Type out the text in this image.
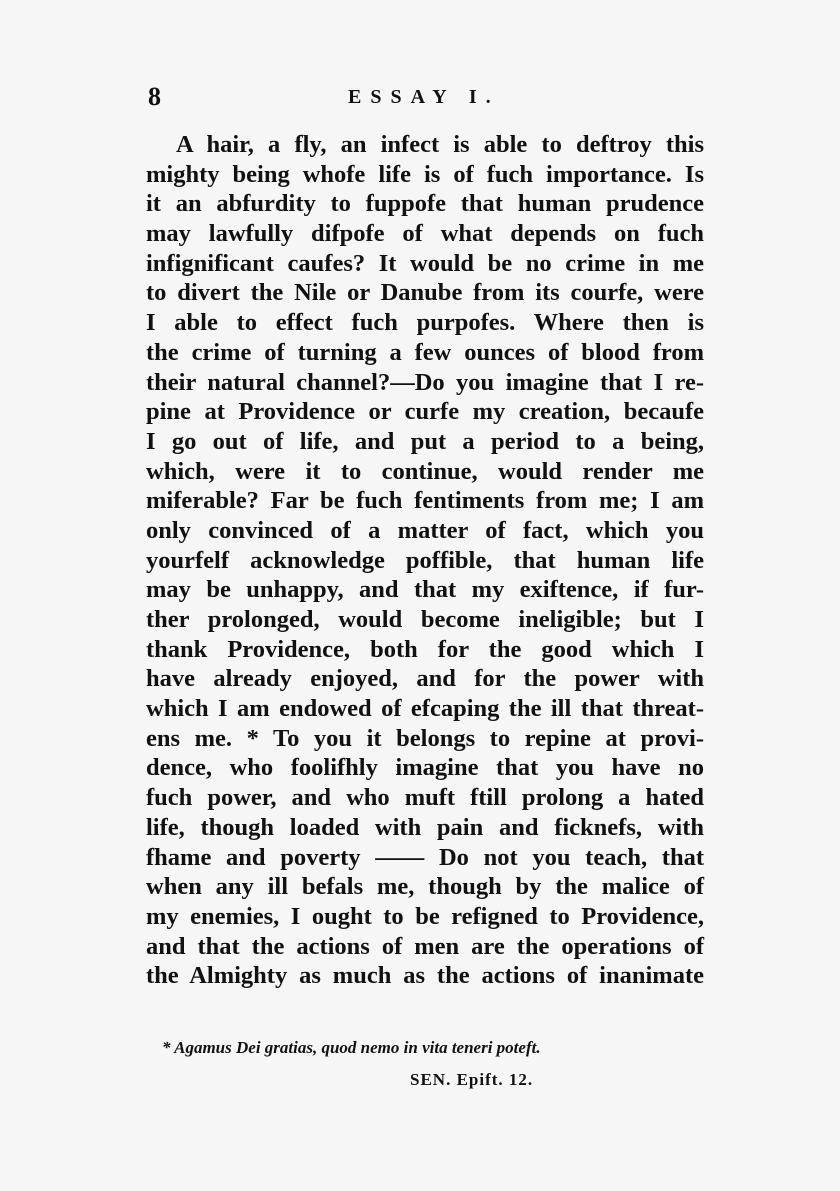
8	ESSAY I.
A hair, a fly, an infect is able to deftroy this
mighty being whofe life is of fuch importance. Is
it an abfurdity to fuppofe that human prudence
may lawfully difpofe of what depends on fuch
infignificant caufes? It would be no crime in me
to divert the Nile or Danube from its courfe, were
I able to effect fuch purpofes. Where then is
the crime of turning a few ounces of blood from
their natural channel?—Do you imagine that I re-
pine at Providence or curfe my creation, becaufe
I go out of life, and put a period to a being,
which, were it to continue, would render me
miferable? Far be fuch fentiments from me; I am
only convinced of a matter of fact, which you
yourfelf acknowledge poffible, that human life
may be unhappy, and that my exiftence, if fur-
ther prolonged, would become ineligible; but I
thank Providence, both for the good which I
have already enjoyed, and for the power with
which I am endowed of efcaping the ill that threat-
ens me. * To you it belongs to repine at provi-
dence, who foolifhly imagine that you have no
fuch power, and who muft ftill prolong a hated
life, though loaded with pain and ficknefs, with
fhame and poverty —— Do not you teach, that
when any ill befals me, though by the malice of
my enemies, I ought to be refigned to Providence,
and that the actions of men are the operations of
the Almighty as much as the actions of inanimate
* Agamus Dei gratias, quod nemo in vita teneri poteft.
SEN. Epift. 12.
